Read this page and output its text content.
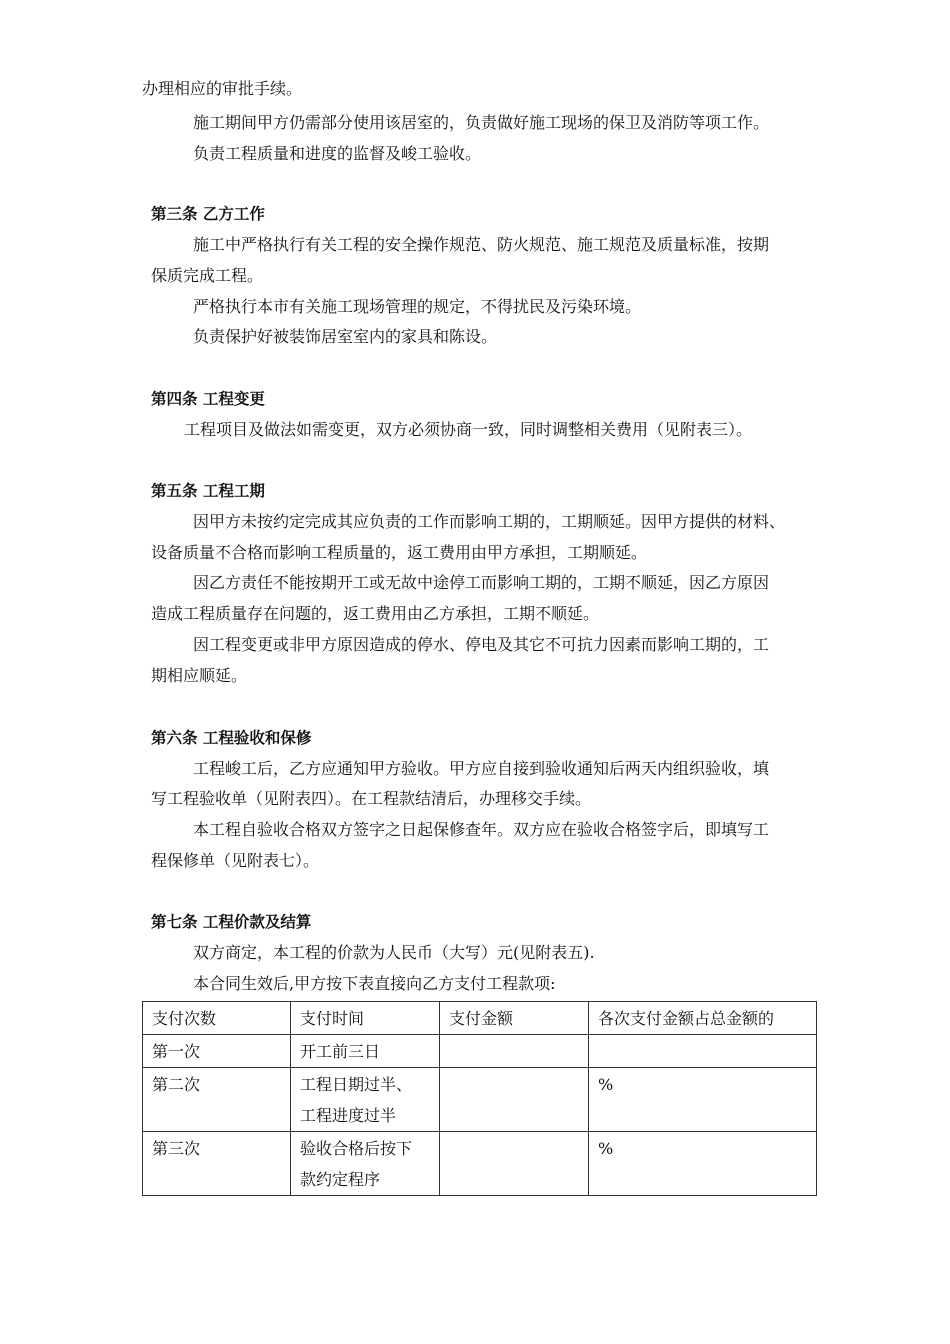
办理相应的审批手续。
施工期间甲方仍需部分使用该居室的，负责做好施工现场的保卫及消防等项工作。
负责工程质量和进度的监督及峻工验收。
第三条 乙方工作
施工中严格执行有关工程的安全操作规范、防火规范、施工规范及质量标准，按期
保质完成工程。
严格执行本市有关施工现场管理的规定，不得扰民及污染环境。
负责保护好被装饰居室室内的家具和陈设。
第四条 工程变更
工程项目及做法如需变更，双方必须协商一致，同时调整相关费用（见附表三）。
第五条 工程工期
因甲方未按约定完成其应负责的工作而影响工期的，工期顺延。因甲方提供的材料、
设备质量不合格而影响工程质量的，返工费用由甲方承担，工期顺延。
因乙方责任不能按期开工或无故中途停工而影响工期的，工期不顺延，因乙方原因
造成工程质量存在问题的，返工费用由乙方承担，工期不顺延。
因工程变更或非甲方原因造成的停水、停电及其它不可抗力因素而影响工期的，工
期相应顺延。
第六条 工程验收和保修
工程峻工后，乙方应通知甲方验收。甲方应自接到验收通知后两天内组织验收，填
写工程验收单（见附表四）。在工程款结清后，办理移交手续。
本工程自验收合格双方签字之日起保修查年。双方应在验收合格签字后，即填写工
程保修单（见附表七）。
第七条 工程价款及结算
双方商定，本工程的价款为人民币（大写）元(见附表五).
本合同生效后,甲方按下表直接向乙方支付工程款项:
支付次数	支付时间	支付金额	各次支付金额占总金额的
第一次	开工前三日		

第二次	工程日期过半、
工程进度过半		%
第三次	验收合格后按下
款约定程序		%
